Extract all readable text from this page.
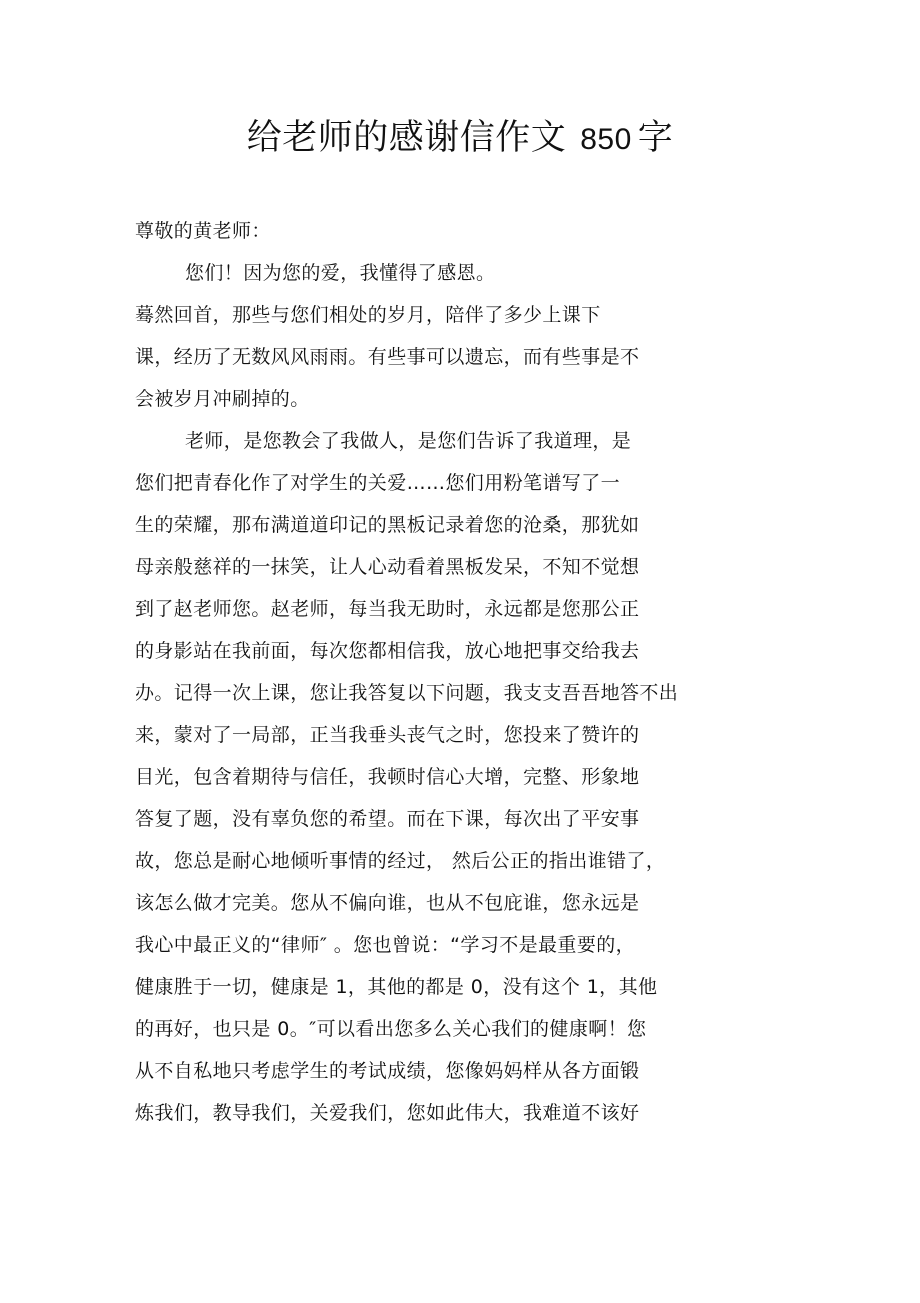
给老师的感谢信作文 850 字
尊敬的黄老师：
您们！因为您的爱，我懂得了感恩。
蓦然回首，那些与您们相处的岁月，陪伴了多少上课下
课，经历了无数风风雨雨。有些事可以遗忘，而有些事是不
会被岁月冲刷掉的。
老师，是您教会了我做人，是您们告诉了我道理，是
您们把青春化作了对学生的关爱……您们用粉笔谱写了一
生的荣耀，那布满道道印记的黑板记录着您的沧桑，那犹如
母亲般慈祥的一抹笑，让人心动看着黑板发呆，不知不觉想
到了赵老师您。赵老师，每当我无助时，永远都是您那公正
的身影站在我前面，每次您都相信我，放心地把事交给我去
办。记得一次上课，您让我答复以下问题，我支支吾吾地答不出
来，蒙对了一局部，正当我垂头丧气之时，您投来了赞许的
目光，包含着期待与信任，我顿时信心大增，完整、形象地
答复了题，没有辜负您的希望。而在下课，每次出了平安事
故，您总是耐心地倾听事情的经过， 然后公正的指出谁错了，
该怎么做才完美。您从不偏向谁，也从不包庇谁，您永远是
我心中最正义的“律师″ 。您也曾说：“学习不是最重要的，
健康胜于一切，健康是 1，其他的都是 0，没有这个 1，其他
的再好，也只是 0。″可以看出您多么关心我们的健康啊！您
从不自私地只考虑学生的考试成绩，您像妈妈样从各方面锻
炼我们，教导我们，关爱我们，您如此伟大，我难道不该好
